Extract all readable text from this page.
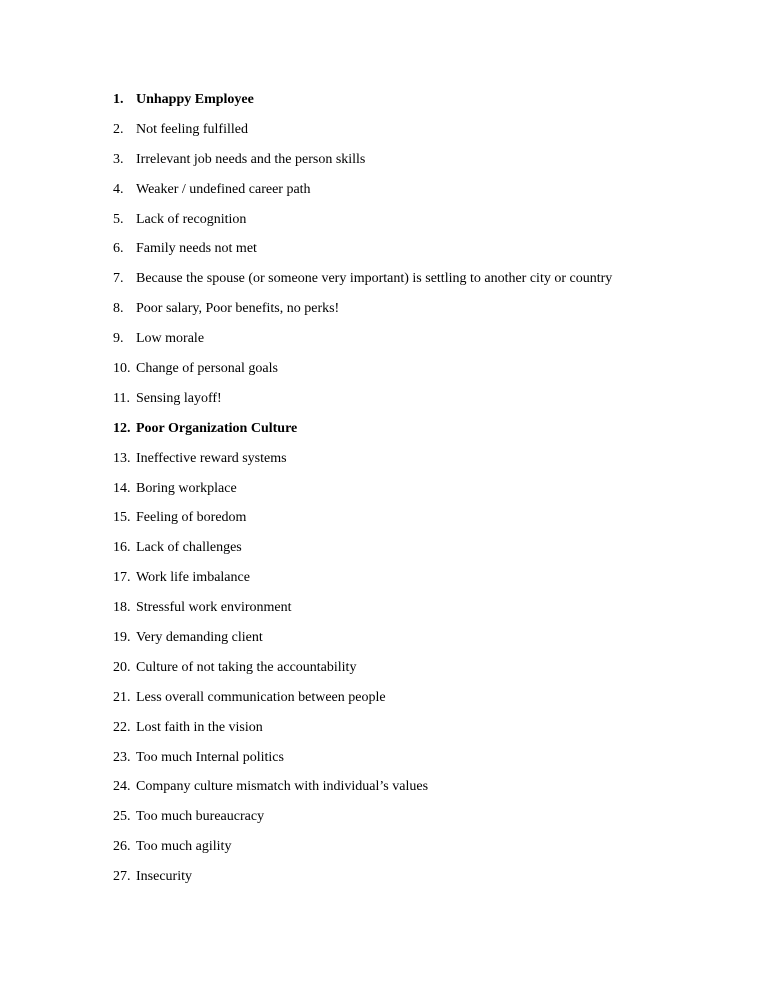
1. Unhappy Employee
2. Not feeling fulfilled
3. Irrelevant job needs and the person skills
4. Weaker / undefined career path
5. Lack of recognition
6. Family needs not met
7. Because the spouse (or someone very important) is settling to another city or country
8. Poor salary, Poor benefits, no perks!
9. Low morale
10. Change of personal goals
11. Sensing layoff!
12. Poor Organization Culture
13. Ineffective reward systems
14. Boring workplace
15. Feeling of boredom
16. Lack of challenges
17. Work life imbalance
18. Stressful work environment
19. Very demanding client
20. Culture of not taking the accountability
21. Less overall communication between people
22. Lost faith in the vision
23. Too much Internal politics
24. Company culture mismatch with individual’s values
25. Too much bureaucracy
26. Too much agility
27. Insecurity
